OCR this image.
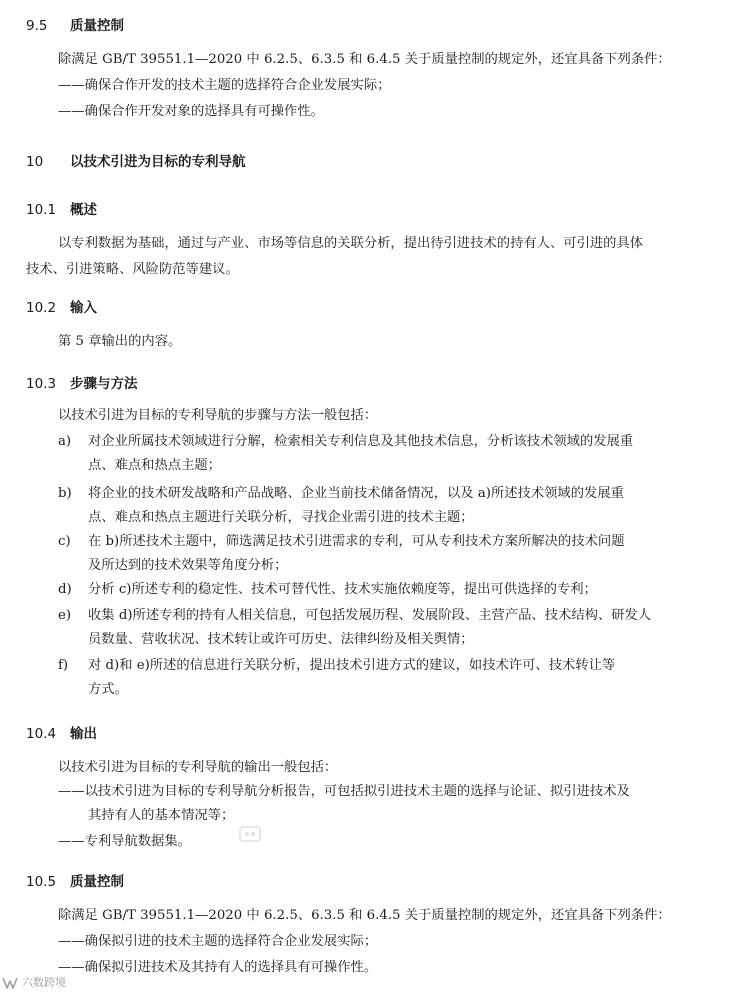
9.5 质量控制
除满足 GB/T 39551.1—2020 中 6.2.5、6.3.5 和 6.4.5 关于质量控制的规定外，还宜具备下列条件：
——确保合作开发的技术主题的选择符合企业发展实际；
——确保合作开发对象的选择具有可操作性。
10 以技术引进为目标的专利导航
10.1 概述
以专利数据为基础，通过与产业、市场等信息的关联分析，提出待引进技术的持有人、可引进的具体
技术、引进策略、风险防范等建议。
10.2 输入
第 5 章输出的内容。
10.3 步骤与方法
以技术引进为目标的专利导航的步骤与方法一般包括：
a)	对企业所属技术领域进行分解，检索相关专利信息及其他技术信息，分析该技术领域的发展重
点、难点和热点主题；
b)	将企业的技术研发战略和产品战略、企业当前技术储备情况，以及 a)所述技术领域的发展重
点、难点和热点主题进行关联分析，寻找企业需引进的技术主题；
c)	在 b)所述技术主题中，筛选满足技术引进需求的专利，可从专利技术方案所解决的技术问题
及所达到的技术效果等角度分析；
d)	分析 c)所述专利的稳定性、技术可替代性、技术实施依赖度等，提出可供选择的专利；
e)	收集 d)所述专利的持有人相关信息，可包括发展历程、发展阶段、主营产品、技术结构、研发人
员数量、营收状况、技术转让或许可历史、法律纠纷及相关舆情；
f)	对 d)和 e)所述的信息进行关联分析，提出技术引进方式的建议，如技术许可、技术转让等
方式。
10.4 输出
以技术引进为目标的专利导航的输出一般包括：
——以技术引进为目标的专利导航分析报告，可包括拟引进技术主题的选择与论证、拟引进技术及
其持有人的基本情况等；
——专利导航数据集。
10.5 质量控制
除满足 GB/T 39551.1—2020 中 6.2.5、6.3.5 和 6.4.5 关于质量控制的规定外，还宜具备下列条件：
——确保拟引进的技术主题的选择符合企业发展实际；
——确保拟引进技术及其持有人的选择具有可操作性。
六数跨境
